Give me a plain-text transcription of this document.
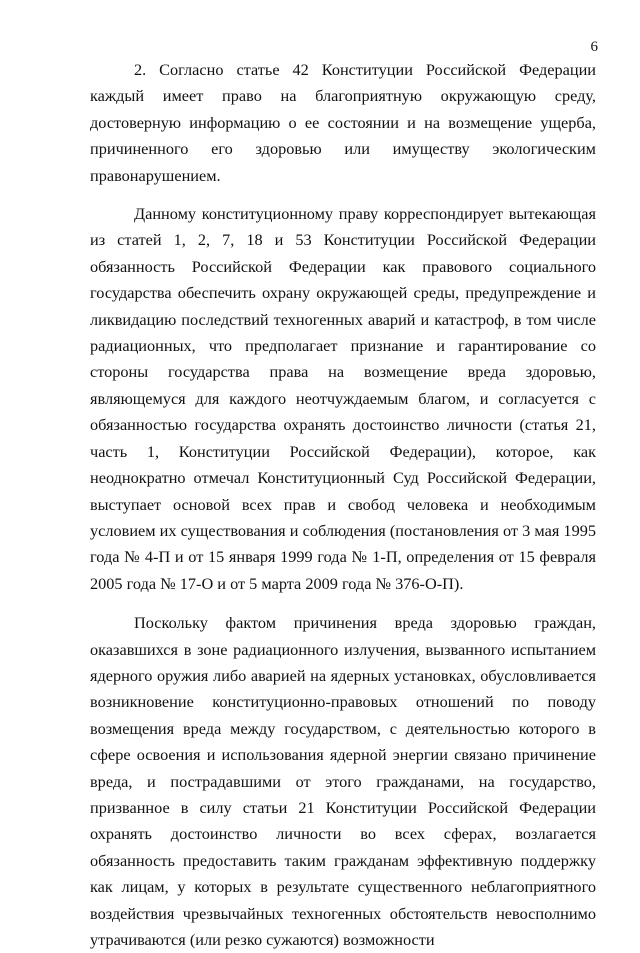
6

2. Согласно статье 42 Конституции Российской Федерации каждый имеет право на благоприятную окружающую среду, достоверную информацию о ее состоянии и на возмещение ущерба, причиненного его здоровью или имуществу экологическим правонарушением.

Данному конституционному праву корреспондирует вытекающая из статей 1, 2, 7, 18 и 53 Конституции Российской Федерации обязанность Российской Федерации как правового социального государства обеспечить охрану окружающей среды, предупреждение и ликвидацию последствий техногенных аварий и катастроф, в том числе радиационных, что предполагает признание и гарантирование со стороны государства права на возмещение вреда здоровью, являющемуся для каждого неотчуждаемым благом, и согласуется с обязанностью государства охранять достоинство личности (статья 21, часть 1, Конституции Российской Федерации), которое, как неоднократно отмечал Конституционный Суд Российской Федерации, выступает основой всех прав и свобод человека и необходимым условием их существования и соблюдения (постановления от 3 мая 1995 года № 4-П и от 15 января 1999 года № 1-П, определения от 15 февраля 2005 года № 17-О и от 5 марта 2009 года № 376-О-П).

Поскольку фактом причинения вреда здоровью граждан, оказавшихся в зоне радиационного излучения, вызванного испытанием ядерного оружия либо аварией на ядерных установках, обусловливается возникновение конституционно-правовых отношений по поводу возмещения вреда между государством, с деятельностью которого в сфере освоения и использования ядерной энергии связано причинение вреда, и пострадавшими от этого гражданами, на государство, призванное в силу статьи 21 Конституции Российской Федерации охранять достоинство личности во всех сферах, возлагается обязанность предоставить таким гражданам эффективную поддержку как лицам, у которых в результате существенного неблагоприятного воздействия чрезвычайных техногенных обстоятельств невосполнимо утрачиваются (или резко сужаются) возможности
